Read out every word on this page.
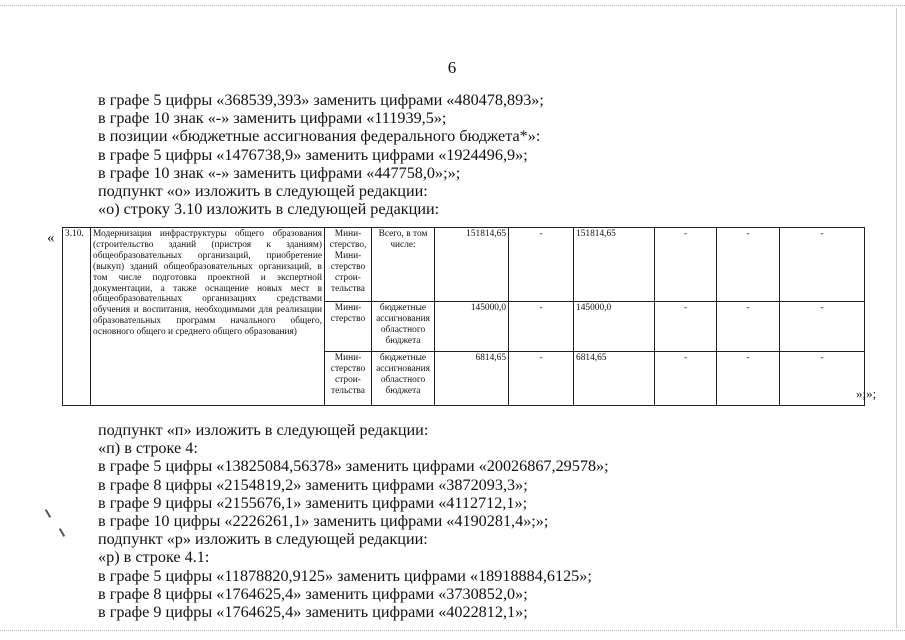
6
в графе 5 цифры «368539,393» заменить цифрами «480478,893»;
в графе 10 знак «-» заменить цифрами «111939,5»;
в позиции «бюджетные ассигнования федерального бюджета*»:
в графе 5 цифры «1476738,9» заменить цифрами «1924496,9»;
в графе 10 знак «-» заменить цифрами «447758,0»;»;
подпункт «о» изложить в следующей редакции:
«о) строку 3.10 изложить в следующей редакции:
« 3.10.	Модернизация инфраструктуры общего образования (строительство зданий (пристроя к зданиям) общеобразовательных организаций, приобретение (выкуп) зданий общеобразовательных организаций, в том числе подготовка проектной и экспертной документации, а также оснащение новых мест в общеобразовательных организациях средствами обучения и воспитания, необходимыми для реализации образовательных программ начального общего, основного общего и среднего общего образования)	Мини-стерство, Мини-стерство строи-тельства	Всего, в том числе:	151814,65	-	151814,65	-	-	-
		Мини-стерство	бюджетные ассигнования областного бюджета	145000,0	-	145000,0	-	-	-
		Мини-стерство строи-тельства	бюджетные ассигнования областного бюджета	6814,65	-	6814,65	-	-	-
»;»;
подпункт «п» изложить в следующей редакции:
«п) в строке 4:
в графе 5 цифры «13825084,56378» заменить цифрами «20026867,29578»;
в графе 8 цифры «2154819,2» заменить цифрами «3872093,3»;
в графе 9 цифры «2155676,1» заменить цифрами «4112712,1»;
в графе 10 цифры «2226261,1» заменить цифрами «4190281,4»;»;
подпункт «р» изложить в следующей редакции:
«р) в строке 4.1:
в графе 5 цифры «11878820,9125» заменить цифрами «18918884,6125»;
в графе 8 цифры «1764625,4» заменить цифрами «3730852,0»;
в графе 9 цифры «1764625,4» заменить цифрами «4022812,1»;
